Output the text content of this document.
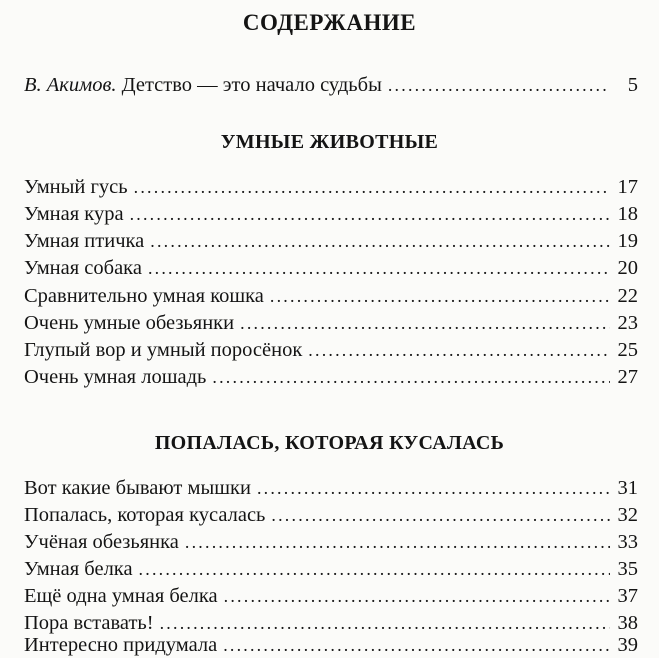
СОДЕРЖАНИЕ
В. Акимов. Детство — это начало судьбы .....	5
УМНЫЕ ЖИВОТНЫЕ
Умный гусь .....	17
Умная кура .....	18
Умная птичка .....	19
Умная собака .....	20
Сравнительно умная кошка .....	22
Очень умные обезьянки .....	23
Глупый вор и умный поросёнок .....	25
Очень умная лошадь .....	27
ПОПАЛАСЬ, КОТОРАЯ КУСАЛАСЬ
Вот какие бывают мышки .....	31
Попалась, которая кусалась .....	32
Учёная обезьянка .....	33
Умная белка .....	35
Ещё одна умная белка .....	37
Пора вставать! .....	38
Интересно придумала .....	39
